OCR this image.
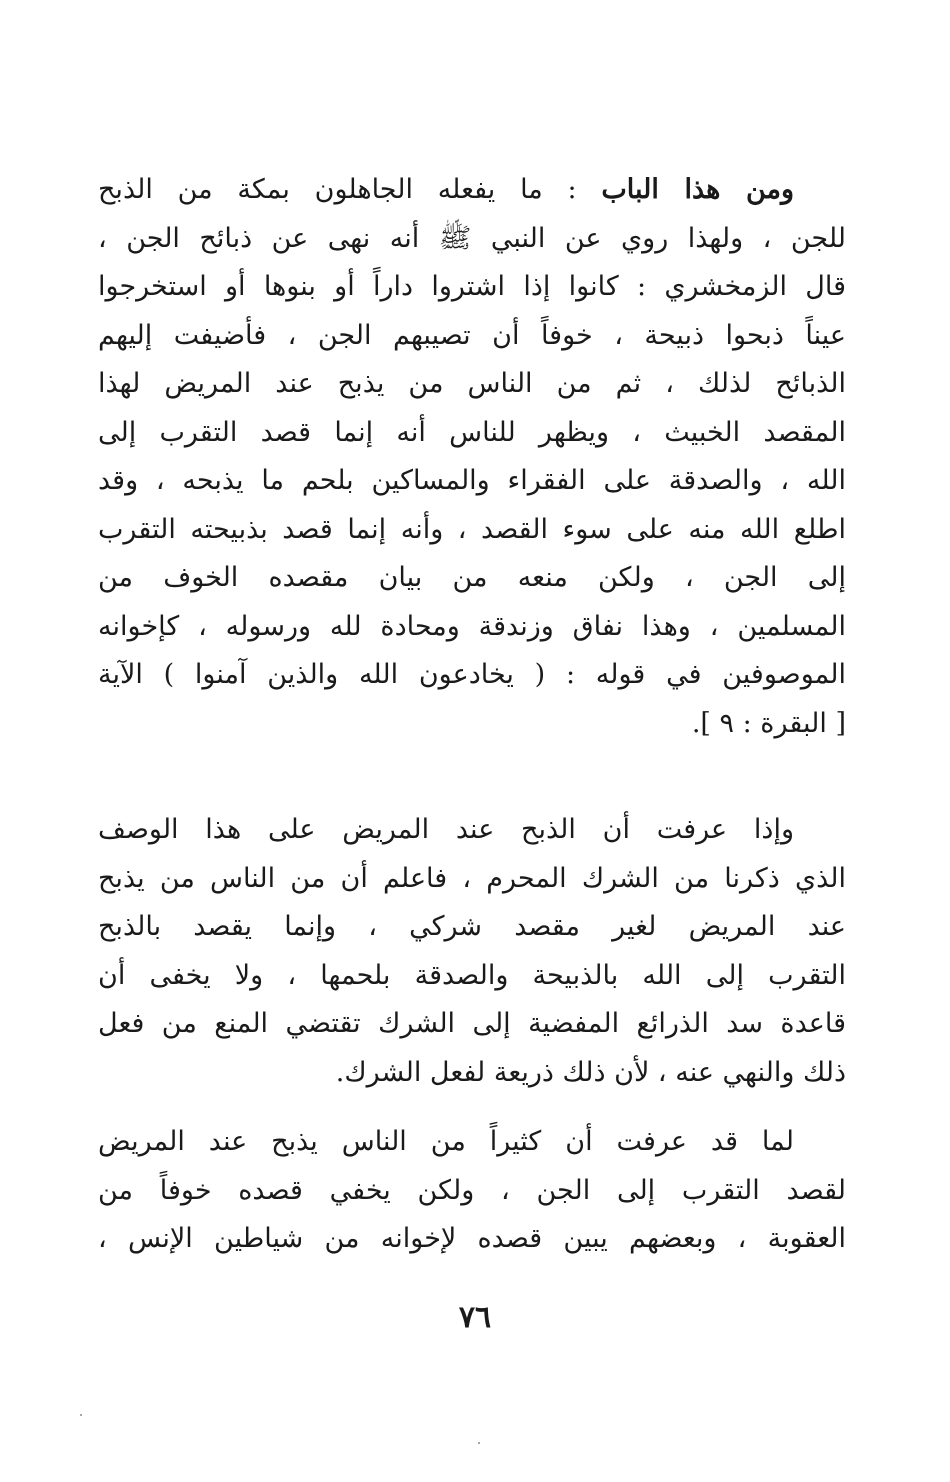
ومن هذا الباب : ما يفعله الجاهلون بمكة من الذبح
للجن ، ولهذا روي عن النبي ﷺ أنه نهى عن ذبائح الجن ،
قال الزمخشري : كانوا إذا اشتروا داراً أو بنوها أو استخرجوا
عيناً ذبحوا ذبيحة ، خوفاً أن تصيبهم الجن ، فأضيفت إليهم
الذبائح لذلك ، ثم من الناس من يذبح عند المريض لهذا
المقصد الخبيث ، ويظهر للناس أنه إنما قصد التقرب إلى
الله ، والصدقة على الفقراء والمساكين بلحم ما يذبحه ، وقد
اطلع الله منه على سوء القصد ، وأنه إنما قصد بذبيحته التقرب
إلى الجن ، ولكن منعه من بيان مقصده الخوف من
المسلمين ، وهذا نفاق وزندقة ومحادة لله ورسوله ، كإخوانه
الموصوفين في قوله : ( يخادعون الله والذين آمنوا ) الآية
[ البقرة : ٩ ].
وإذا عرفت أن الذبح عند المريض على هذا الوصف
الذي ذكرنا من الشرك المحرم ، فاعلم أن من الناس من يذبح
عند المريض لغير مقصد شركي ، وإنما يقصد بالذبح
التقرب إلى الله بالذبيحة والصدقة بلحمها ، ولا يخفى أن
قاعدة سد الذرائع المفضية إلى الشرك تقتضي المنع من فعل
ذلك والنهي عنه ، لأن ذلك ذريعة لفعل الشرك.
لما قد عرفت أن كثيراً من الناس يذبح عند المريض
لقصد التقرب إلى الجن ، ولكن يخفي قصده خوفاً من
العقوبة ، وبعضهم يبين قصده لإخوانه من شياطين الإنس ،
٧٦
